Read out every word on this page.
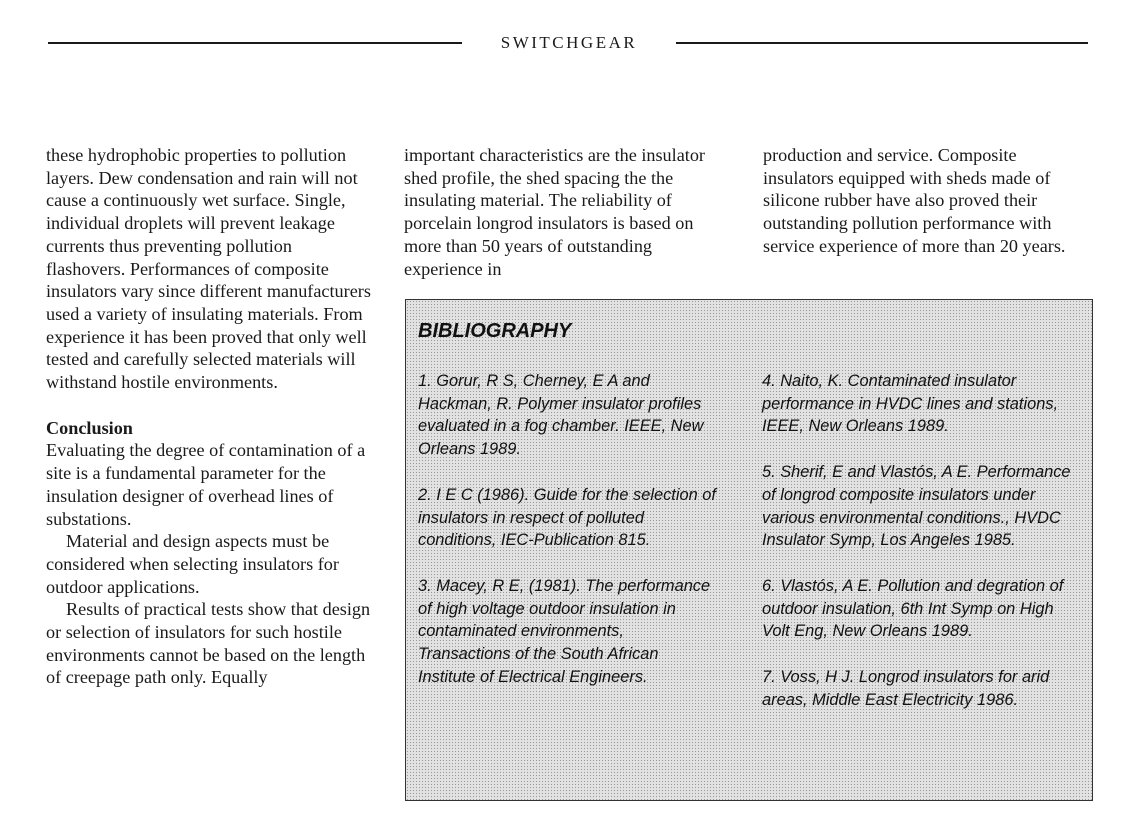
SWITCHGEAR

these hydrophobic properties to pollution layers. Dew condensation and rain will not cause a continuously wet surface. Single, individual droplets will prevent leakage currents thus preventing pollution flashovers. Performances of composite insulators vary since different manufacturers used a variety of insulating materials. From experience it has been proved that only well tested and carefully selected materials will withstand hostile environments.

Conclusion

Evaluating the degree of contamination of a site is a fundamental parameter for the insulation designer of overhead lines of substations.

Material and design aspects must be considered when selecting insulators for outdoor applications.

Results of practical tests show that design or selection of insulators for such hostile environments cannot be based on the length of creepage path only. Equally

important characteristics are the insulator shed profile, the shed spacing the the insulating material. The reliability of porcelain longrod insulators is based on more than 50 years of outstanding experience in

production and service. Composite insulators equipped with sheds made of silicone rubber have also proved their outstanding pollution performance with service experience of more than 20 years.

BIBLIOGRAPHY

1. Gorur, R S, Cherney, E A and Hackman, R. Polymer insulator profiles evaluated in a fog chamber. IEEE, New Orleans 1989.

2. I E C (1986). Guide for the selection of insulators in respect of polluted conditions, IEC-Publication 815.

3. Macey, R E, (1981). The performance of high voltage outdoor insulation in contaminated environments, Transactions of the South African Institute of Electrical Engineers.

4. Naito, K. Contaminated insulator performance in HVDC lines and stations, IEEE, New Orleans 1989.

5. Sherif, E and Vlastós, A E. Performance of longrod composite insulators under various environmental conditions., HVDC Insulator Symp, Los Angeles 1985.

6. Vlastós, A E. Pollution and degration of outdoor insulation, 6th Int Symp on High Volt Eng, New Orleans 1989.

7. Voss, H J. Longrod insulators for arid areas, Middle East Electricity 1986.
